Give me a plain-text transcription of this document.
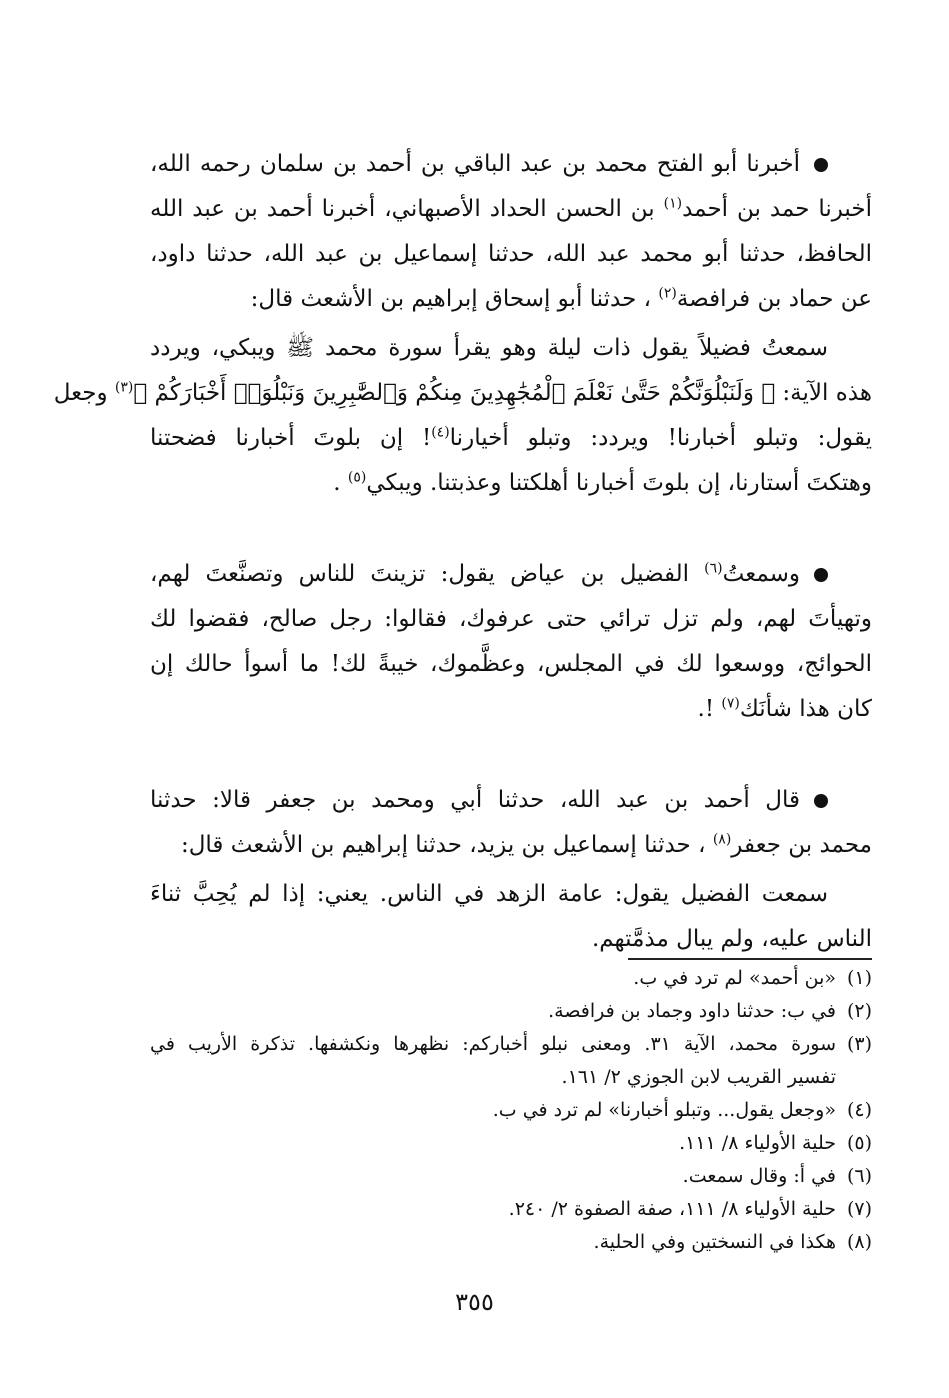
أخبرنا أبو الفتح محمد بن عبد الباقي بن أحمد بن سلمان رحمه الله،
أخبرنا حمد بن أحمد$^{(١)}$ بن الحسن الحداد الأصبهاني، أخبرنا أحمد بن عبد الله
الحافظ، حدثنا أبو محمد عبد الله، حدثنا إسماعيل بن عبد الله، حدثنا داود،
عن حماد بن فرافصة$^{(٢)}$ ، حدثنا أبو إسحاق إبراهيم بن الأشعث قال:

سمعتُ فضيلاً يقول ذات ليلة وهو يقرأ سورة محمد ﷺ ويبكي، ويردد
هذه الآية: ﴿ وَلَنَبْلُوَنَّكُمْ حَتَّىٰ نَعْلَمَ ٱلْمُجَٰهِدِينَ مِنكُمْ وَٱلصَّٰبِرِينَ وَنَبْلُوَا۟ أَخْبَارَكُمْ ﴾$^{(٣)}$ وجعل
يقول: وتبلو أخبارنا! ويردد: وتبلو أخيارنا$^{(٤)}$! إن بلوتَ أخبارنا فضحتنا
وهتكتَ أستارنا، إن بلوتَ أخبارنا أهلكتنا وعذبتنا. ويبكي$^{(٥)}$ .

وسمعتُ$^{(٦)}$ الفضيل بن عياض يقول: تزينتَ للناس وتصنَّعتَ لهم،
وتهيأتَ لهم، ولم تزل ترائي حتى عرفوك، فقالوا: رجل صالح، فقضوا لك
الحوائج، ووسعوا لك في المجلس، وعظَّموك، خيبةً لك! ما أسوأ حالك إن
كان هذا شأنَك$^{(٧)}$ !.

قال أحمد بن عبد الله، حدثنا أبي ومحمد بن جعفر قالا: حدثنا
محمد بن جعفر$^{(٨)}$ ، حدثنا إسماعيل بن يزيد، حدثنا إبراهيم بن الأشعث قال:

سمعت الفضيل يقول: عامة الزهد في الناس. يعني: إذا لم يُحِبَّ ثناءَ
الناس عليه، ولم يبال مذمَّتهم.

(١)«بن أحمد» لم ترد في ب.
(٢)في ب: حدثنا داود وجماد بن فرافصة.
(٣)سورة محمد، الآية ٣١. ومعنى نبلو أخباركم: نظهرها ونكشفها. تذكرة الأريب في
تفسير القريب لابن الجوزي ٢/ ١٦١.
(٤)«وجعل يقول... وتبلو أخبارنا» لم ترد في ب.
(٥)حلية الأولياء ٨/ ١١١.
(٦)في أ: وقال سمعت.
(٧)حلية الأولياء ٨/ ١١١، صفة الصفوة ٢/ ٢٤٠.
(٨)هكذا في النسختين وفي الحلية.
٣٥٥
